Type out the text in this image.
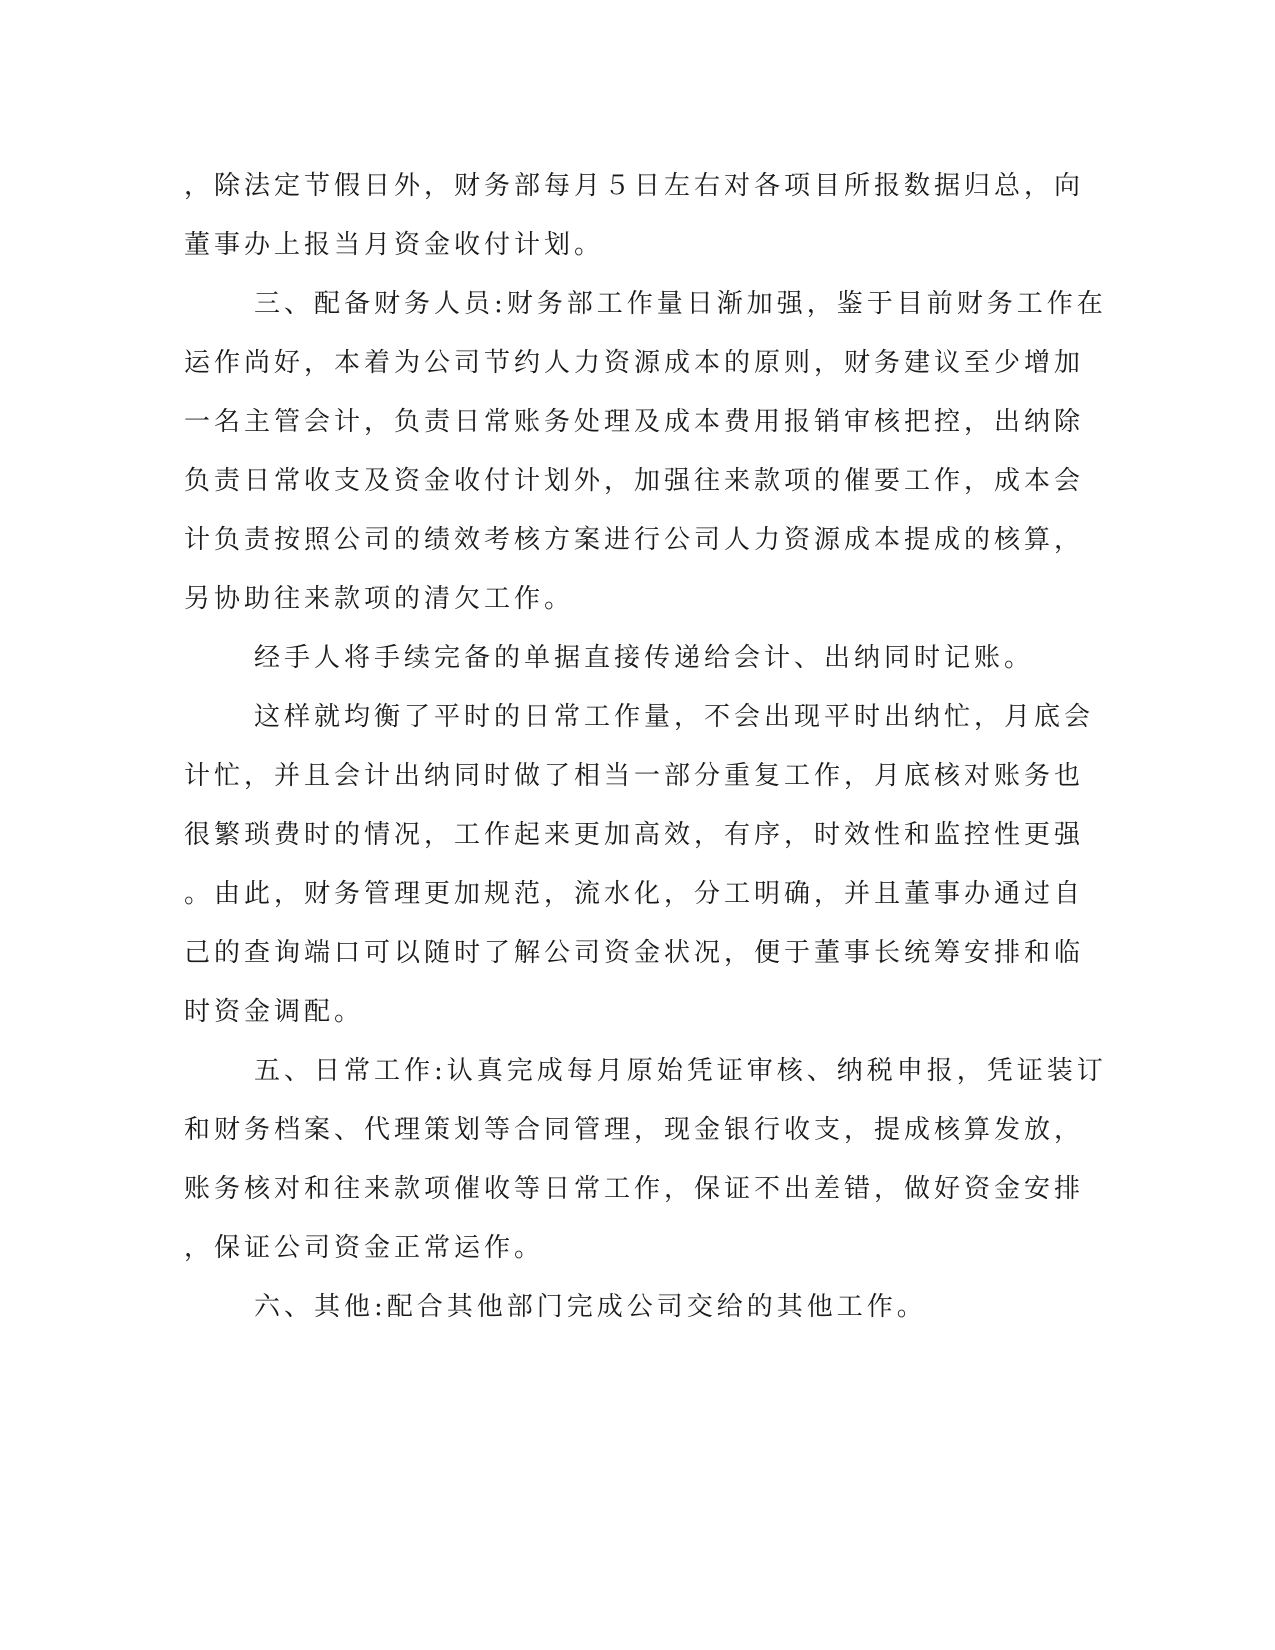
，除法定节假日外，财务部每月５日左右对各项目所报数据归总，向
董事办上报当月资金收付计划。
三、配备财务人员:财务部工作量日渐加强，鉴于目前财务工作在
运作尚好，本着为公司节约人力资源成本的原则，财务建议至少增加
一名主管会计，负责日常账务处理及成本费用报销审核把控，出纳除
负责日常收支及资金收付计划外，加强往来款项的催要工作，成本会
计负责按照公司的绩效考核方案进行公司人力资源成本提成的核算，
另协助往来款项的清欠工作。
经手人将手续完备的单据直接传递给会计、出纳同时记账。
这样就均衡了平时的日常工作量，不会出现平时出纳忙，月底会
计忙，并且会计出纳同时做了相当一部分重复工作，月底核对账务也
很繁琐费时的情况，工作起来更加高效，有序，时效性和监控性更强
。由此，财务管理更加规范，流水化，分工明确，并且董事办通过自
己的查询端口可以随时了解公司资金状况，便于董事长统筹安排和临
时资金调配。
五、日常工作:认真完成每月原始凭证审核、纳税申报，凭证装订
和财务档案、代理策划等合同管理，现金银行收支，提成核算发放，
账务核对和往来款项催收等日常工作，保证不出差错，做好资金安排
，保证公司资金正常运作。
六、其他:配合其他部门完成公司交给的其他工作。
